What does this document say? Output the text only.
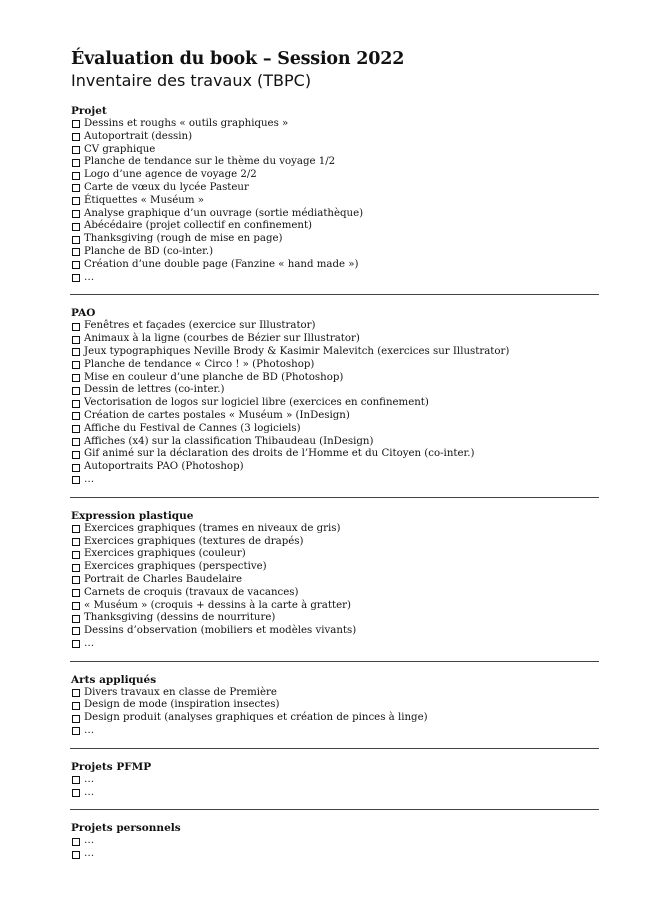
Évaluation du book – Session 2022
Inventaire des travaux (TBPC)
Projet
Dessins et roughs « outils graphiques »
Autoportrait (dessin)
CV graphique
Planche de tendance sur le thème du voyage 1/2
Logo d’une agence de voyage 2/2
Carte de vœux du lycée Pasteur
Étiquettes « Muséum »
Analyse graphique d’un ouvrage (sortie médiathèque)
Abécédaire (projet collectif en confinement)
Thanksgiving (rough de mise en page)
Planche de BD (co-inter.)
Création d’une double page (Fanzine « hand made »)
…
PAO
Fenêtres et façades (exercice sur Illustrator)
Animaux à la ligne (courbes de Bézier sur Illustrator)
Jeux typographiques Neville Brody & Kasimir Malevitch (exercices sur Illustrator)
Planche de tendance « Circo ! » (Photoshop)
Mise en couleur d’une planche de BD (Photoshop)
Dessin de lettres (co-inter.)
Vectorisation de logos sur logiciel libre (exercices en confinement)
Création de cartes postales « Muséum » (InDesign)
Affiche du Festival de Cannes (3 logiciels)
Affiches (x4) sur la classification Thibaudeau (InDesign)
Gif animé sur la déclaration des droits de l’Homme et du Citoyen (co-inter.)
Autoportraits PAO (Photoshop)
…
Expression plastique
Exercices graphiques (trames en niveaux de gris)
Exercices graphiques (textures de drapés)
Exercices graphiques (couleur)
Exercices graphiques (perspective)
Portrait de Charles Baudelaire
Carnets de croquis (travaux de vacances)
« Muséum » (croquis + dessins à la carte à gratter)
Thanksgiving (dessins de nourriture)
Dessins d’observation (mobiliers et modèles vivants)
…
Arts appliqués
Divers travaux en classe de Première
Design de mode (inspiration insectes)
Design produit (analyses graphiques et création de pinces à linge)
…
Projets PFMP
…
…
Projets personnels
…
…
